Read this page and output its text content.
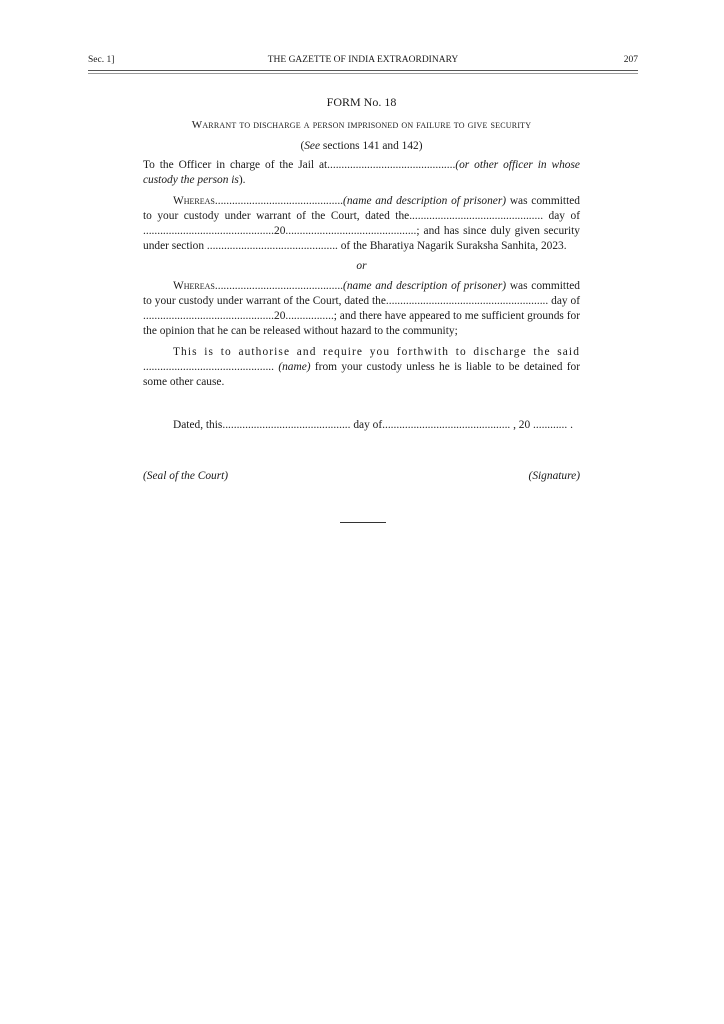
Sec. 1]	THE GAZETTE OF INDIA EXTRAORDINARY	207
FORM No. 18
Warrant to discharge a person imprisoned on failure to give security
(See sections 141 and 142)

To the Officer in charge of the Jail at.............................................(or other officer in whose custody the person is).

Whereas.............................................(name and description of prisoner) was committed to your custody under warrant of the Court, dated the............................................... day of ..............................................20..............................................; and has since duly given security under section .............................................. of the Bharatiya Nagarik Suraksha Sanhita, 2023.

or

Whereas.............................................(name and description of prisoner) was committed to your custody under warrant of the Court, dated the......................................................... day of ..............................................20.................; and there have appeared to me sufficient grounds for the opinion that he can be released without hazard to the community;

This is to authorise and require you forthwith to discharge the said .............................................. (name) from your custody unless he is liable to be detained for some other cause.

Dated, this............................................. day of............................................. , 20 ............ .
(Seal of the Court)	(Signature)
